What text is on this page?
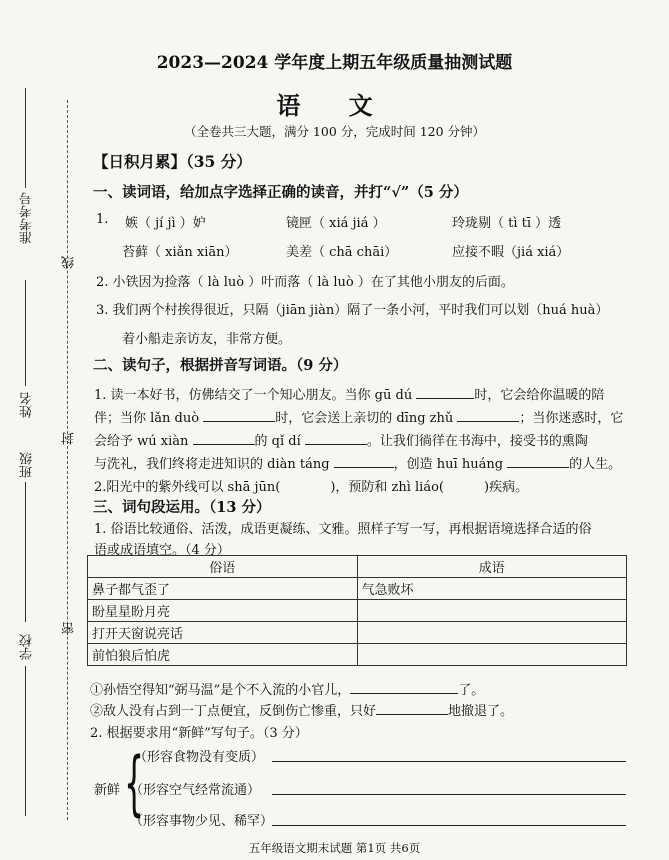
2023—2024 学年度上期五年级质量抽测试题
语 文
（全卷共三大题，满分 100 分，完成时间 120 分钟）
准考考号
线
姓名
封
班级
密
学校
【日积月累】（35 分）
一、读词语，给加点字选择正确的读音，并打“√”（5 分）
1. 嫉（ jí jì ）妒	镜匣（ xiá jiá ）	玲珑剔（ tì tī ）透
苔藓（ xiǎn xiān）	美差（ chā chāi）	应接不暇（jiá xiá）
2. 小铁因为捡落（ là luò ）叶而落（ là luò ）在了其他小朋友的后面。
3. 我们两个村挨得很近，只隔（jiān jiàn）隔了一条小河，平时我们可以划（huá huà）
着小船走亲访友，非常方便。
二、读句子，根据拼音写词语。（9 分）
1. 读一本好书，仿佛结交了一个知心朋友。当你 gū dú	时，它会给你温暖的陪
伴；当你 lǎn duò	时，它会送上亲切的 dīng zhǔ	；当你迷惑时，它
会给予 wú xiàn	的 qǐ dí	。让我们徜徉在书海中，接受书的熏陶
与洗礼，我们终将走进知识的 diàn táng	，创造 huī huáng	的人生。
2.阳光中的紫外线可以 shā jūn(	)，预防和 zhì liáo(	)疾病。
三、词句段运用。（13 分）
1. 俗语比较通俗、活泼，成语更凝练、文雅。照样子写一写，再根据语境选择合适的俗
语或成语填空。（4 分）
俗语	成语
鼻子都气歪了	气急败坏
盼星星盼月亮	
打开天窗说亮话	
前怕狼后怕虎	
①孙悟空得知“弼马温”是个不入流的小官儿，	了。
②敌人没有占到一丁点便宜，反倒伤亡惨重，只好	地撤退了。
2. 根据要求用“新鲜”写句子。（3 分）
新鲜 {
（形容食物没有变质）
（形容空气经常流通）
（形容事物少见、稀罕）
五年级语文期末试题 第1页 共6页
